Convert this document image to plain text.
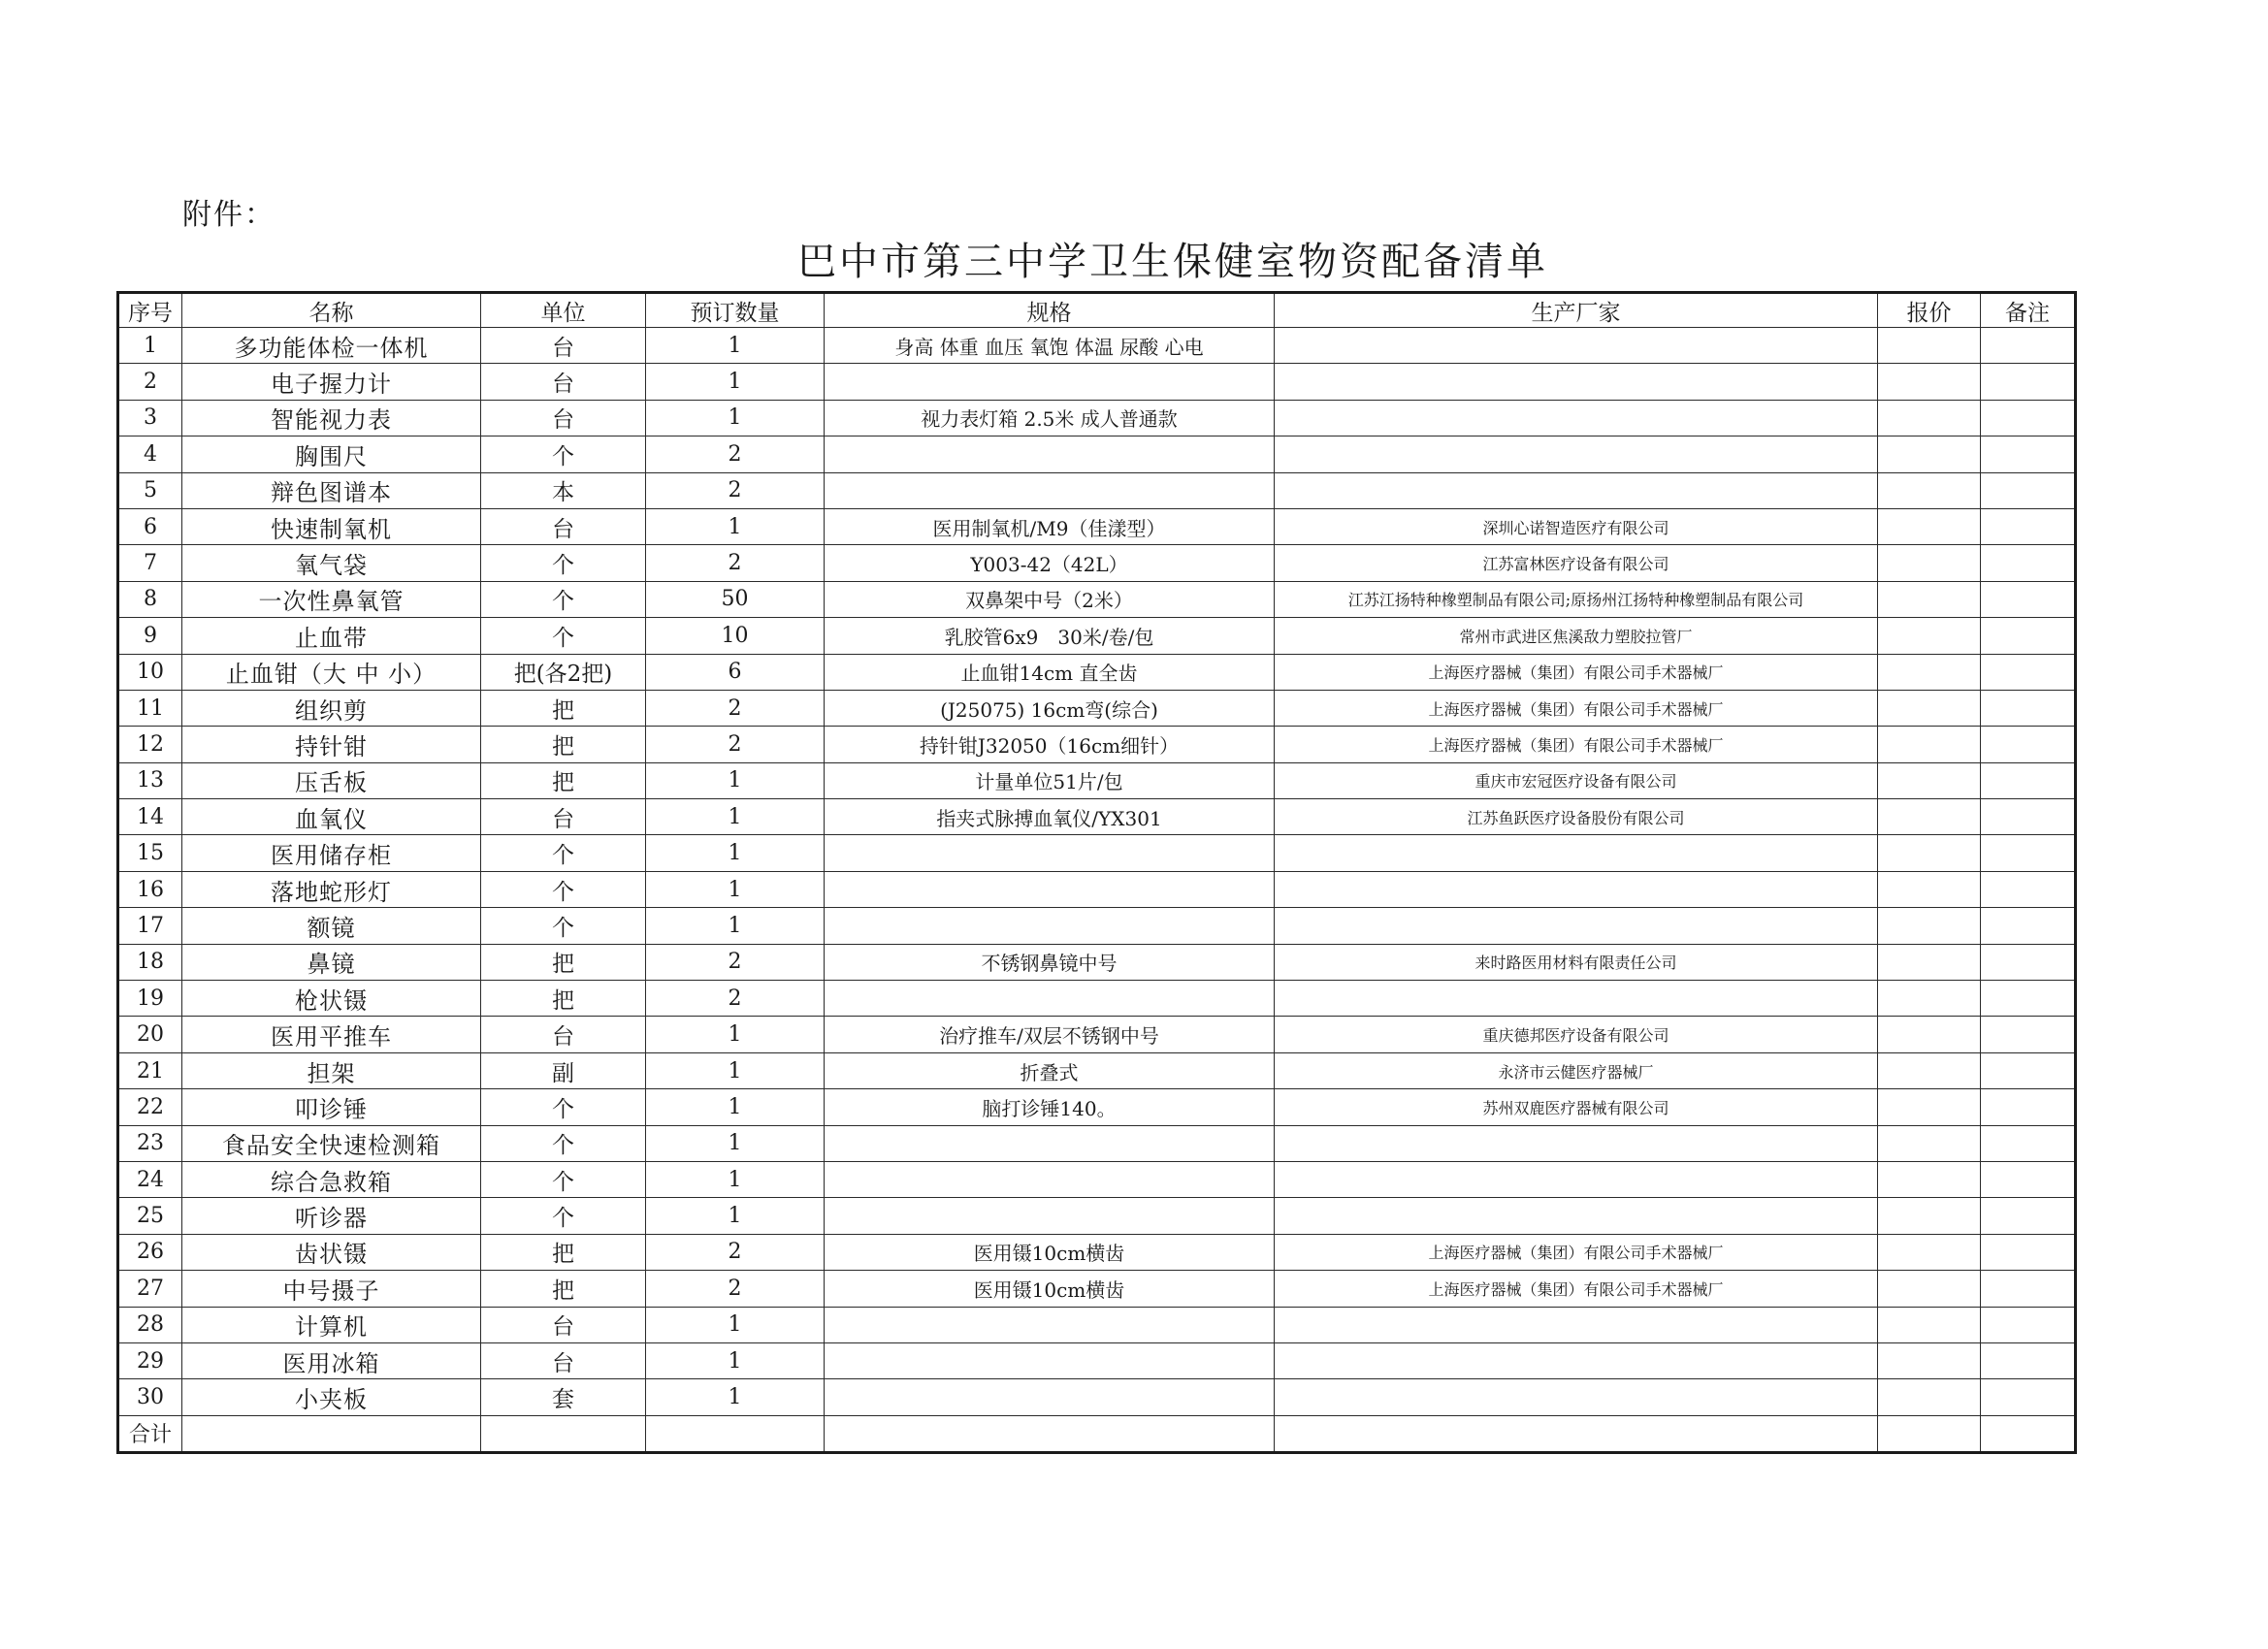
附件：
巴中市第三中学卫生保健室物资配备清单
序号	名称	单位	预订数量	规格	生产厂家	报价	备注
1	多功能体检一体机	台	1	身高 体重 血压 氧饱 体温 尿酸 心电			
2	电子握力计	台	1				
3	智能视力表	台	1	视力表灯箱 2.5米 成人普通款			
4	胸围尺	个	2				
5	辩色图谱本	本	2				
6	快速制氧机	台	1	医用制氧机/M9（佳漾型）	深圳心诺智造医疗有限公司		
7	氧气袋	个	2	Y003-42（42L）	江苏富林医疗设备有限公司		
8	一次性鼻氧管	个	50	双鼻架中号（2米）	江苏江扬特种橡塑制品有限公司;原扬州江扬特种橡塑制品有限公司		
9	止血带	个	10	乳胶管6x9　30米/卷/包	常州市武进区焦溪敌力塑胶拉管厂		
10	止血钳（大 中 小）	把(各2把)	6	止血钳14cm 直全齿	上海医疗器械（集团）有限公司手术器械厂		
11	组织剪	把	2	(J25075) 16cm弯(综合)	上海医疗器械（集团）有限公司手术器械厂		
12	持针钳	把	2	持针钳J32050（16cm细针）	上海医疗器械（集团）有限公司手术器械厂		
13	压舌板	把	1	计量单位51片/包	重庆市宏冠医疗设备有限公司		
14	血氧仪	台	1	指夹式脉搏血氧仪/YX301	江苏鱼跃医疗设备股份有限公司		
15	医用储存柜	个	1				
16	落地蛇形灯	个	1				
17	额镜	个	1				
18	鼻镜	把	2	不锈钢鼻镜中号	来时路医用材料有限责任公司		
19	枪状镊	把	2				
20	医用平推车	台	1	治疗推车/双层不锈钢中号	重庆德邦医疗设备有限公司		
21	担架	副	1	折叠式	永济市云健医疗器械厂		
22	叩诊锤	个	1	脑打诊锤140。	苏州双鹿医疗器械有限公司		
23	食品安全快速检测箱	个	1				
24	综合急救箱	个	1				
25	听诊器	个	1				
26	齿状镊	把	2	医用镊10cm横齿	上海医疗器械（集团）有限公司手术器械厂		
27	中号摄子	把	2	医用镊10cm横齿	上海医疗器械（集团）有限公司手术器械厂		
28	计算机	台	1				
29	医用冰箱	台	1				
30	小夹板	套	1				
合计							
